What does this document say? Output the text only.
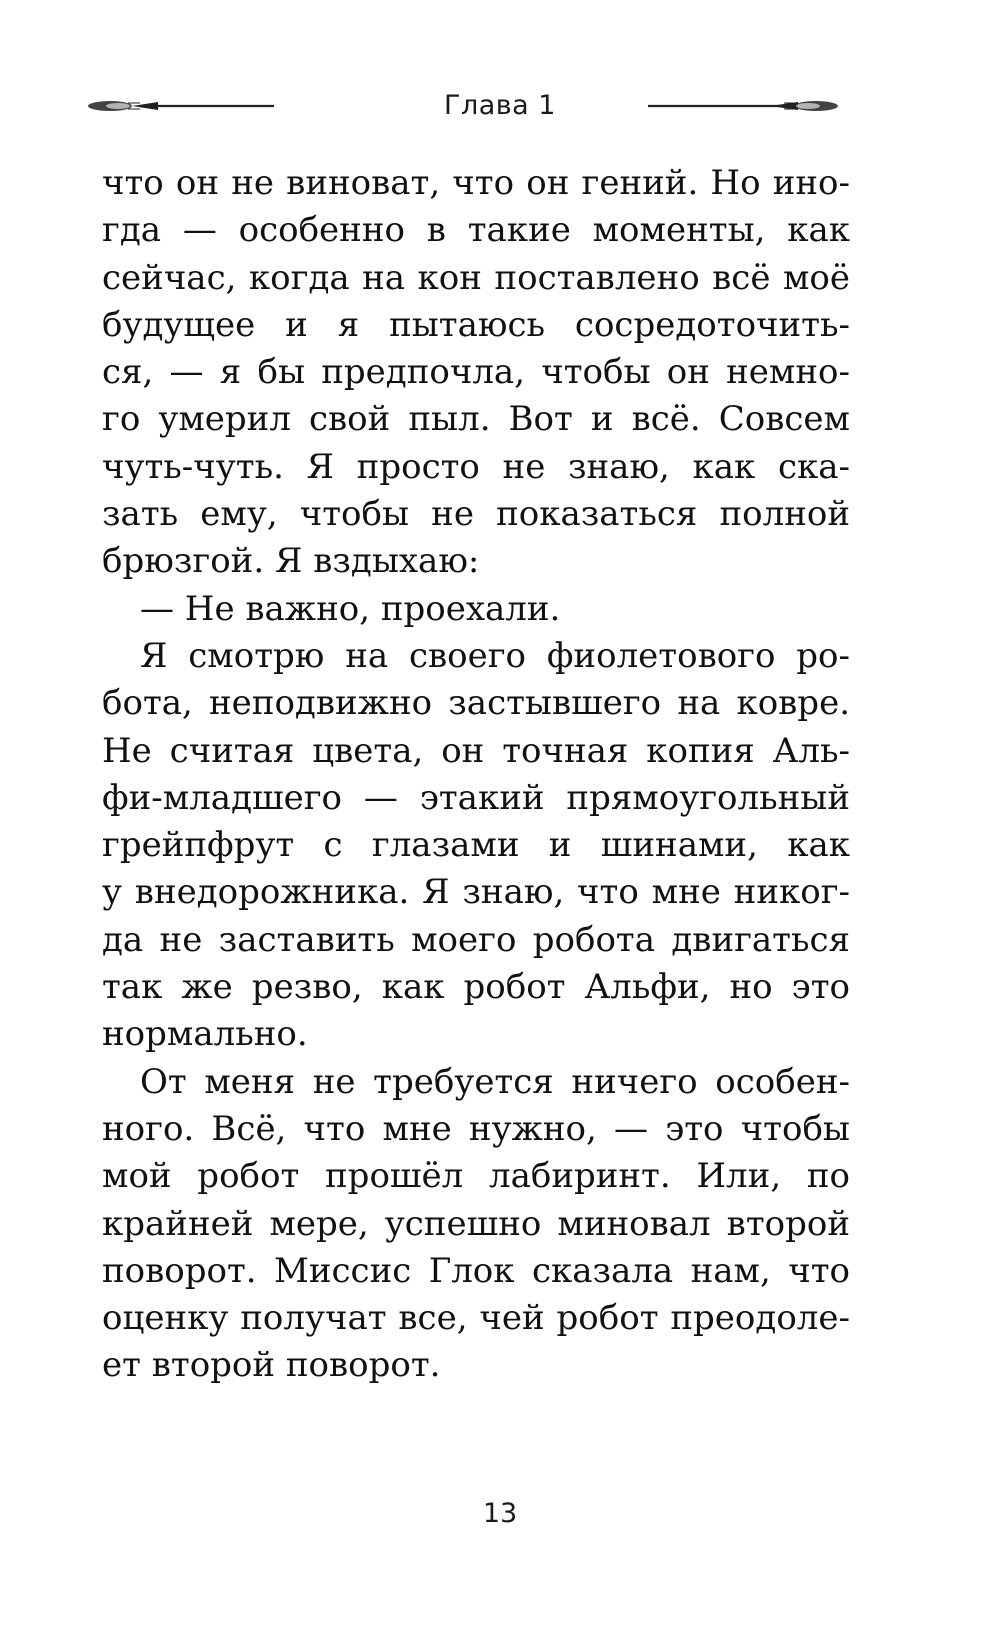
Глава 1
что он не виноват, что он гений. Но ино-
гда — особенно в такие моменты, как
сейчас, когда на кон поставлено всё моё
будущее и я пытаюсь сосредоточить-
ся, — я бы предпочла, чтобы он немно-
го умерил свой пыл. Вот и всё. Совсем
чуть-чуть. Я просто не знаю, как ска-
зать ему, чтобы не показаться полной
брюзгой. Я вздыхаю:
— Не важно, проехали.
Я смотрю на своего фиолетового ро-
бота, неподвижно застывшего на ковре.
Не считая цвета, он точная копия Аль-
фи-младшего — этакий прямоугольный
грейпфрут с глазами и шинами, как
у внедорожника. Я знаю, что мне никог-
да не заставить моего робота двигаться
так же резво, как робот Альфи, но это
нормально.
От меня не требуется ничего особен-
ного. Всё, что мне нужно, — это чтобы
мой робот прошёл лабиринт. Или, по
крайней мере, успешно миновал второй
поворот. Миссис Глок сказала нам, что
оценку получат все, чей робот преодоле-
ет второй поворот.
13
